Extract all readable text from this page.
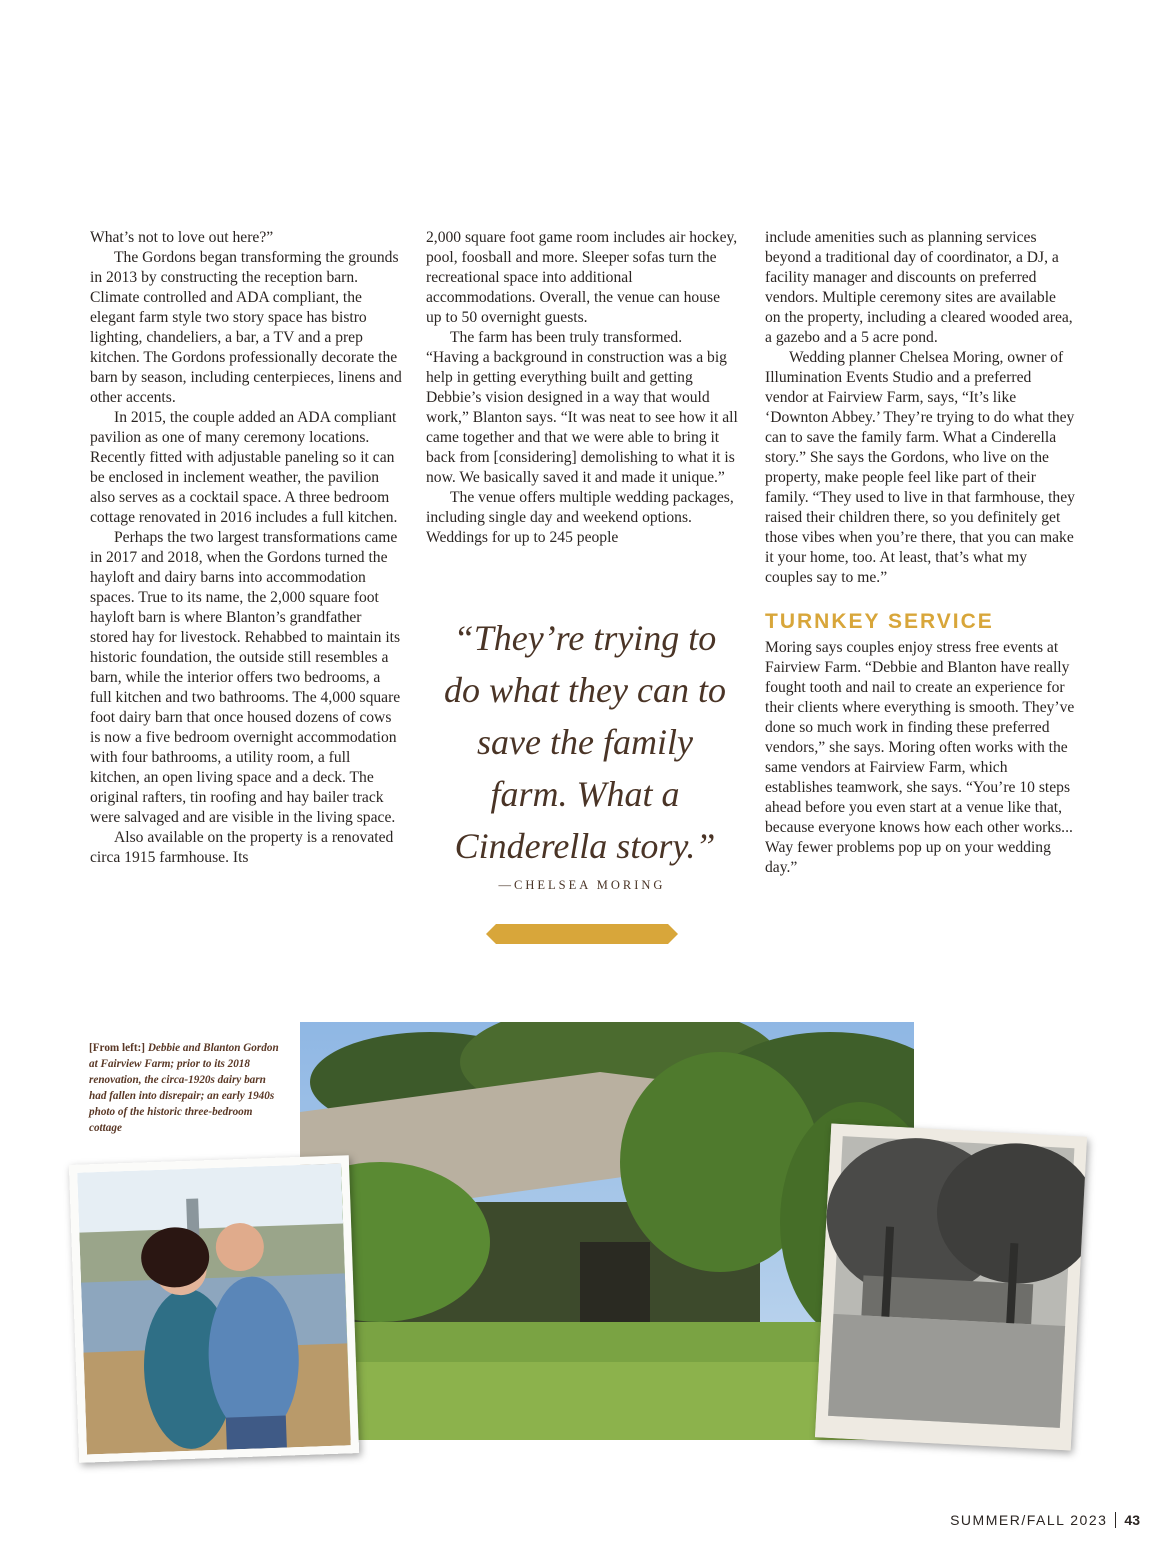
What’s not to love out here?”

The Gordons began transforming the grounds in 2013 by constructing the reception barn. Climate controlled and ADA compliant, the elegant farm style two story space has bistro lighting, chandeliers, a bar, a TV and a prep kitchen. The Gordons professionally decorate the barn by season, including centerpieces, linens and other accents.

In 2015, the couple added an ADA compliant pavilion as one of many ceremony locations. Recently fitted with adjustable paneling so it can be enclosed in inclement weather, the pavilion also serves as a cocktail space. A three bedroom cottage renovated in 2016 includes a full kitchen.

Perhaps the two largest transformations came in 2017 and 2018, when the Gordons turned the hayloft and dairy barns into accommodation spaces. True to its name, the 2,000 square foot hayloft barn is where Blanton’s grandfather stored hay for livestock. Rehabbed to maintain its historic foundation, the outside still resembles a barn, while the interior offers two bedrooms, a full kitchen and two bathrooms. The 4,000 square foot dairy barn that once housed dozens of cows is now a five bedroom overnight accommodation with four bathrooms, a utility room, a full kitchen, an open living space and a deck. The original rafters, tin roofing and hay bailer track were salvaged and are visible in the living space.

Also available on the property is a renovated circa 1915 farmhouse. Its

2,000 square foot game room includes air hockey, pool, foosball and more. Sleeper sofas turn the recreational space into additional accommodations. Overall, the venue can house up to 50 overnight guests.

The farm has been truly transformed. “Having a background in construction was a big help in getting everything built and getting Debbie’s vision designed in a way that would work,” Blanton says. “It was neat to see how it all came together and that we were able to bring it back from [considering] demolishing to what it is now. We basically saved it and made it unique.”

The venue offers multiple wedding packages, including single day and weekend options. Weddings for up to 245 people

“They’re trying to do what they can to save the family farm. What a Cinderella story.”
—CHELSEA MORING

include amenities such as planning services beyond a traditional day of coordinator, a DJ, a facility manager and discounts on preferred vendors. Multiple ceremony sites are available on the property, including a cleared wooded area, a gazebo and a 5 acre pond.

Wedding planner Chelsea Moring, owner of Illumination Events Studio and a preferred vendor at Fairview Farm, says, “It’s like ‘Downton Abbey.’ They’re trying to do what they can to save the family farm. What a Cinderella story.” She says the Gordons, who live on the property, make people feel like part of their family. “They used to live in that farmhouse, they raised their children there, so you definitely get those vibes when you’re there, that you can make it your home, too. At least, that’s what my couples say to me.”

TURNKEY SERVICE

Moring says couples enjoy stress free events at Fairview Farm. “Debbie and Blanton have really fought tooth and nail to create an experience for their clients where everything is smooth. They’ve done so much work in finding these preferred vendors,” she says. Moring often works with the same vendors at Fairview Farm, which establishes teamwork, she says. “You’re 10 steps ahead before you even start at a venue like that, because everyone knows how each other works... Way fewer problems pop up on your wedding day.”

[From left:] Debbie and Blanton Gordon at Fairview Farm; prior to its 2018 renovation, the circa-1920s dairy barn had fallen into disrepair; an early 1940s photo of the historic three-bedroom cottage
SUMMER/FALL 2023 43
